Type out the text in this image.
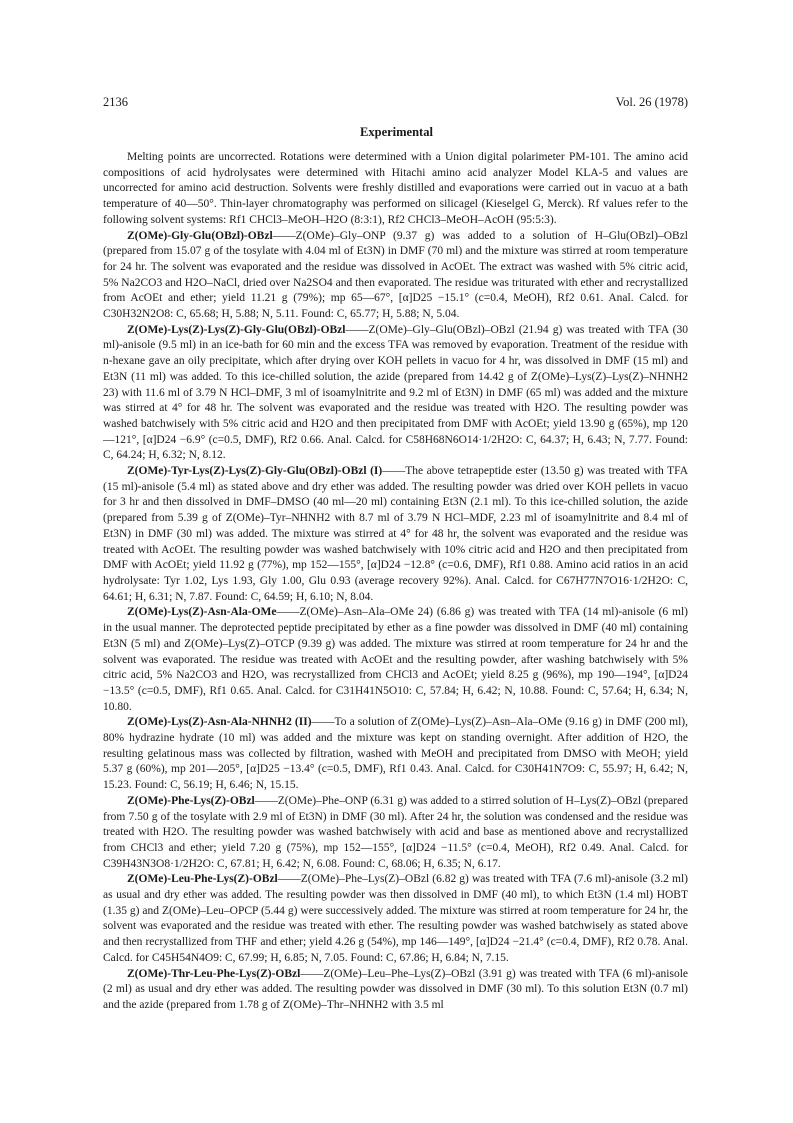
2136	Vol. 26 (1978)
Experimental

Melting points are uncorrected. Rotations were determined with a Union digital polarimeter PM-101. The amino acid compositions of acid hydrolysates were determined with Hitachi amino acid analyzer Model KLA-5 and values are uncorrected for amino acid destruction. Solvents were freshly distilled and evaporations were carried out in vacuo at a bath temperature of 40—50°. Thin-layer chromatography was performed on silicagel (Kieselgel G, Merck). Rf values refer to the following solvent systems: Rf1 CHCl3–MeOH–H2O (8:3:1), Rf2 CHCl3–MeOH–AcOH (95:5:3).

Z(OMe)-Gly-Glu(OBzl)-OBzl——Z(OMe)–Gly–ONP (9.37 g) was added to a solution of H–Glu(OBzl)–OBzl (prepared from 15.07 g of the tosylate with 4.04 ml of Et3N) in DMF (70 ml) and the mixture was stirred at room temperature for 24 hr. The solvent was evaporated and the residue was dissolved in AcOEt. The extract was washed with 5% citric acid, 5% Na2CO3 and H2O–NaCl, dried over Na2SO4 and then evaporated. The residue was triturated with ether and recrystallized from AcOEt and ether; yield 11.21 g (79%); mp 65—67°, [α]D25 −15.1° (c=0.4, MeOH), Rf2 0.61. Anal. Calcd. for C30H32N2O8: C, 65.68; H, 5.88; N, 5.11. Found: C, 65.77; H, 5.88; N, 5.04.

Z(OMe)-Lys(Z)-Lys(Z)-Gly-Glu(OBzl)-OBzl——Z(OMe)–Gly–Glu(OBzl)–OBzl (21.94 g) was treated with TFA (30 ml)-anisole (9.5 ml) in an ice-bath for 60 min and the excess TFA was removed by evaporation. Treatment of the residue with n-hexane gave an oily precipitate, which after drying over KOH pellets in vacuo for 4 hr, was dissolved in DMF (15 ml) and Et3N (11 ml) was added. To this ice-chilled solution, the azide (prepared from 14.42 g of Z(OMe)–Lys(Z)–Lys(Z)–NHNH2 23) with 11.6 ml of 3.79 N HCl–DMF, 3 ml of isoamylnitrite and 9.2 ml of Et3N) in DMF (65 ml) was added and the mixture was stirred at 4° for 48 hr. The solvent was evaporated and the residue was treated with H2O. The resulting powder was washed batchwisely with 5% citric acid and H2O and then precipitated from DMF with AcOEt; yield 13.90 g (65%), mp 120—121°, [α]D24 −6.9° (c=0.5, DMF), Rf2 0.66. Anal. Calcd. for C58H68N6O14·1/2H2O: C, 64.37; H, 6.43; N, 7.77. Found: C, 64.24; H, 6.32; N, 8.12.

Z(OMe)-Tyr-Lys(Z)-Lys(Z)-Gly-Glu(OBzl)-OBzl (I)——The above tetrapeptide ester (13.50 g) was treated with TFA (15 ml)-anisole (5.4 ml) as stated above and dry ether was added. The resulting powder was dried over KOH pellets in vacuo for 3 hr and then dissolved in DMF–DMSO (40 ml—20 ml) containing Et3N (2.1 ml). To this ice-chilled solution, the azide (prepared from 5.39 g of Z(OMe)–Tyr–NHNH2 with 8.7 ml of 3.79 N HCl–MDF, 2.23 ml of isoamylnitrite and 8.4 ml of Et3N) in DMF (30 ml) was added. The mixture was stirred at 4° for 48 hr, the solvent was evaporated and the residue was treated with AcOEt. The resulting powder was washed batchwisely with 10% citric acid and H2O and then precipitated from DMF with AcOEt; yield 11.92 g (77%), mp 152—155°, [α]D24 −12.8° (c=0.6, DMF), Rf1 0.88. Amino acid ratios in an acid hydrolysate: Tyr 1.02, Lys 1.93, Gly 1.00, Glu 0.93 (average recovery 92%). Anal. Calcd. for C67H77N7O16·1/2H2O: C, 64.61; H, 6.31; N, 7.87. Found: C, 64.59; H, 6.10; N, 8.04.

Z(OMe)-Lys(Z)-Asn-Ala-OMe——Z(OMe)–Asn–Ala–OMe 24) (6.86 g) was treated with TFA (14 ml)-anisole (6 ml) in the usual manner. The deprotected peptide precipitated by ether as a fine powder was dissolved in DMF (40 ml) containing Et3N (5 ml) and Z(OMe)–Lys(Z)–OTCP (9.39 g) was added. The mixture was stirred at room temperature for 24 hr and the solvent was evaporated. The residue was treated with AcOEt and the resulting powder, after washing batchwisely with 5% citric acid, 5% Na2CO3 and H2O, was recrystallized from CHCl3 and AcOEt; yield 8.25 g (96%), mp 190—194°, [α]D24 −13.5° (c=0.5, DMF), Rf1 0.65. Anal. Calcd. for C31H41N5O10: C, 57.84; H, 6.42; N, 10.88. Found: C, 57.64; H, 6.34; N, 10.80.

Z(OMe)-Lys(Z)-Asn-Ala-NHNH2 (II)——To a solution of Z(OMe)–Lys(Z)–Asn–Ala–OMe (9.16 g) in DMF (200 ml), 80% hydrazine hydrate (10 ml) was added and the mixture was kept on standing overnight. After addition of H2O, the resulting gelatinous mass was collected by filtration, washed with MeOH and precipitated from DMSO with MeOH; yield 5.37 g (60%), mp 201—205°, [α]D25 −13.4° (c=0.5, DMF), Rf1 0.43. Anal. Calcd. for C30H41N7O9: C, 55.97; H, 6.42; N, 15.23. Found: C, 56.19; H, 6.46; N, 15.15.

Z(OMe)-Phe-Lys(Z)-OBzl——Z(OMe)–Phe–ONP (6.31 g) was added to a stirred solution of H–Lys(Z)–OBzl (prepared from 7.50 g of the tosylate with 2.9 ml of Et3N) in DMF (30 ml). After 24 hr, the solution was condensed and the residue was treated with H2O. The resulting powder was washed batchwisely with acid and base as mentioned above and recrystallized from CHCl3 and ether; yield 7.20 g (75%), mp 152—155°, [α]D24 −11.5° (c=0.4, MeOH), Rf2 0.49. Anal. Calcd. for C39H43N3O8·1/2H2O: C, 67.81; H, 6.42; N, 6.08. Found: C, 68.06; H, 6.35; N, 6.17.

Z(OMe)-Leu-Phe-Lys(Z)-OBzl——Z(OMe)–Phe–Lys(Z)–OBzl (6.82 g) was treated with TFA (7.6 ml)-anisole (3.2 ml) as usual and dry ether was added. The resulting powder was then dissolved in DMF (40 ml), to which Et3N (1.4 ml) HOBT (1.35 g) and Z(OMe)–Leu–OPCP (5.44 g) were successively added. The mixture was stirred at room temperature for 24 hr, the solvent was evaporated and the residue was treated with ether. The resulting powder was washed batchwisely as stated above and then recrystallized from THF and ether; yield 4.26 g (54%), mp 146—149°, [α]D24 −21.4° (c=0.4, DMF), Rf2 0.78. Anal. Calcd. for C45H54N4O9: C, 67.99; H, 6.85; N, 7.05. Found: C, 67.86; H, 6.84; N, 7.15.

Z(OMe)-Thr-Leu-Phe-Lys(Z)-OBzl——Z(OMe)–Leu–Phe–Lys(Z)–OBzl (3.91 g) was treated with TFA (6 ml)-anisole (2 ml) as usual and dry ether was added. The resulting powder was dissolved in DMF (30 ml). To this solution Et3N (0.7 ml) and the azide (prepared from 1.78 g of Z(OMe)–Thr–NHNH2 with 3.5 ml
